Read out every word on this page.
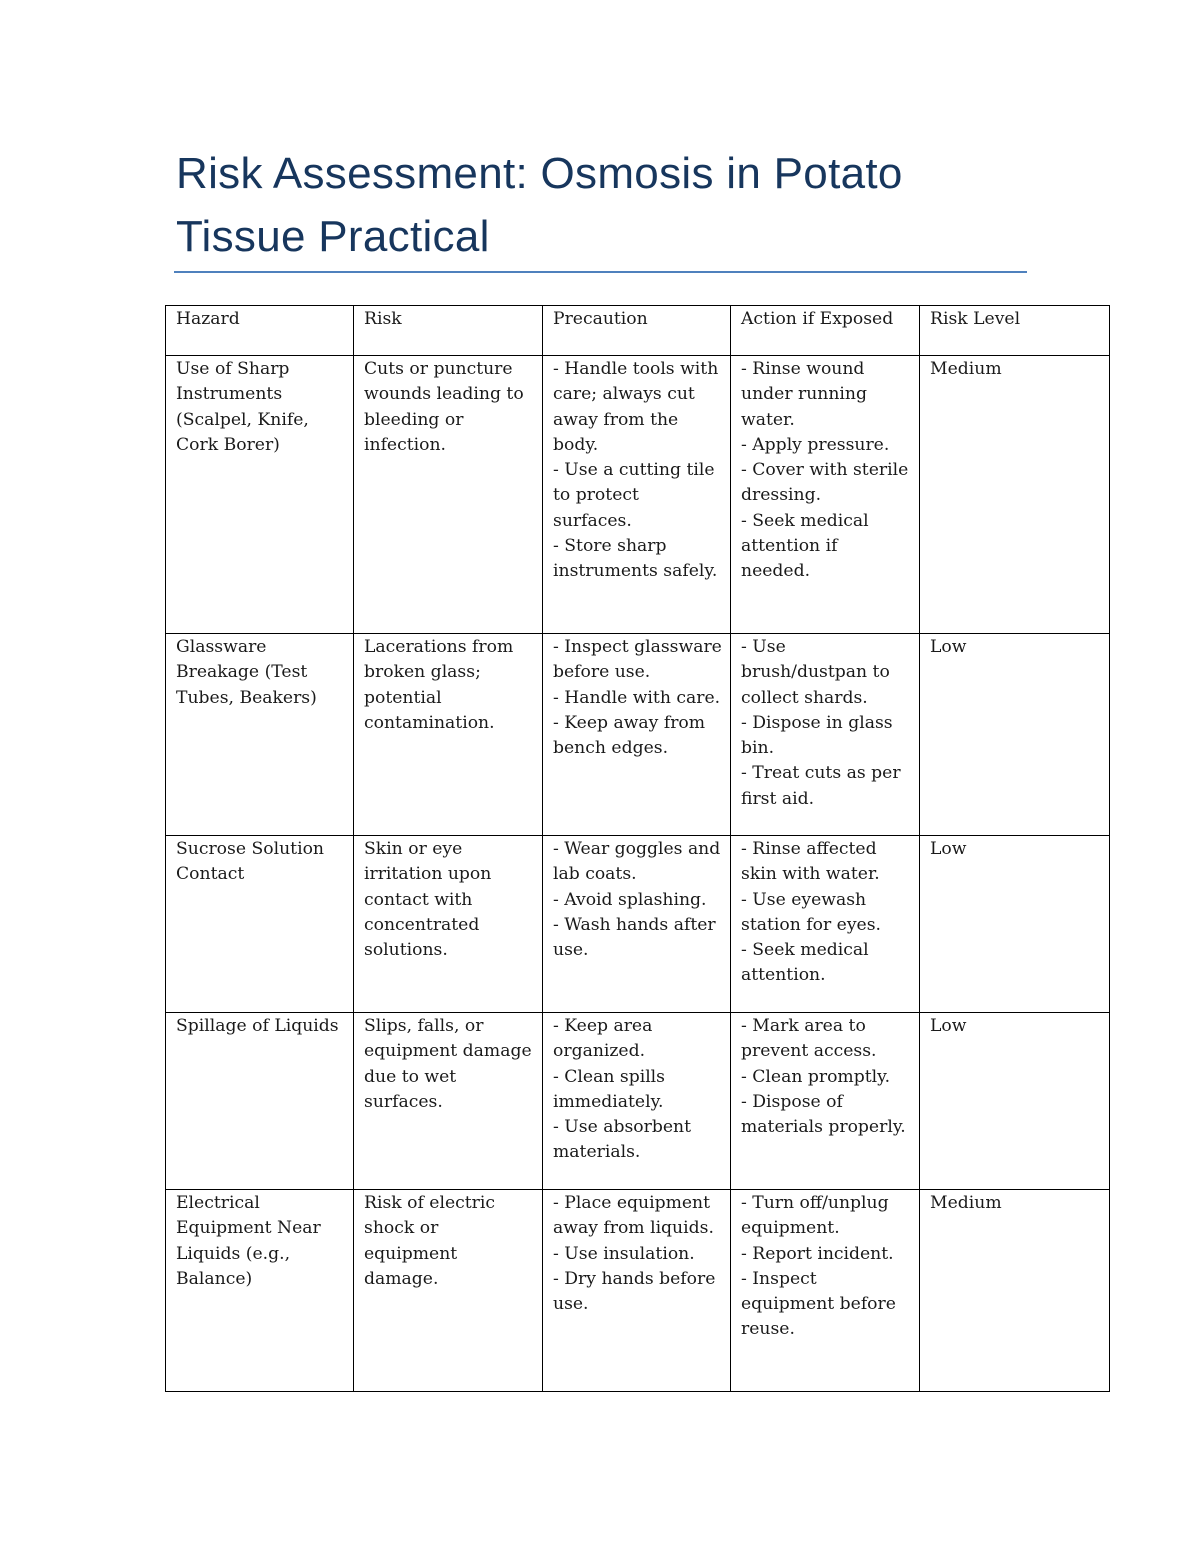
Risk Assessment: Osmosis in Potato
Tissue Practical
Hazard	Risk	Precaution	Action if Exposed	Risk Level
Use of Sharp Instruments (Scalpel, Knife, Cork Borer)	Cuts or puncture wounds leading to bleeding or infection.	- Handle tools with care; always cut away from the body.
- Use a cutting tile to protect surfaces.
- Store sharp instruments safely.	- Rinse wound under running water.
- Apply pressure.
- Cover with sterile dressing.
- Seek medical attention if needed.	Medium
Glassware Breakage (Test Tubes, Beakers)	Lacerations from broken glass; potential contamination.	- Inspect glassware before use.
- Handle with care.
- Keep away from bench edges.	- Use brush/dustpan to collect shards.
- Dispose in glass bin.
- Treat cuts as per first aid.	Low
Sucrose Solution Contact	Skin or eye irritation upon contact with concentrated solutions.	- Wear goggles and lab coats.
- Avoid splashing.
- Wash hands after use.	- Rinse affected skin with water.
- Use eyewash station for eyes.
- Seek medical attention.	Low
Spillage of Liquids	Slips, falls, or equipment damage due to wet surfaces.	- Keep area organized.
- Clean spills immediately.
- Use absorbent materials.	- Mark area to prevent access.
- Clean promptly.
- Dispose of materials properly.	Low
Electrical Equipment Near Liquids (e.g., Balance)	Risk of electric shock or equipment damage.	- Place equipment away from liquids.
- Use insulation.
- Dry hands before use.	- Turn off/unplug equipment.
- Report incident.
- Inspect equipment before reuse.	Medium
